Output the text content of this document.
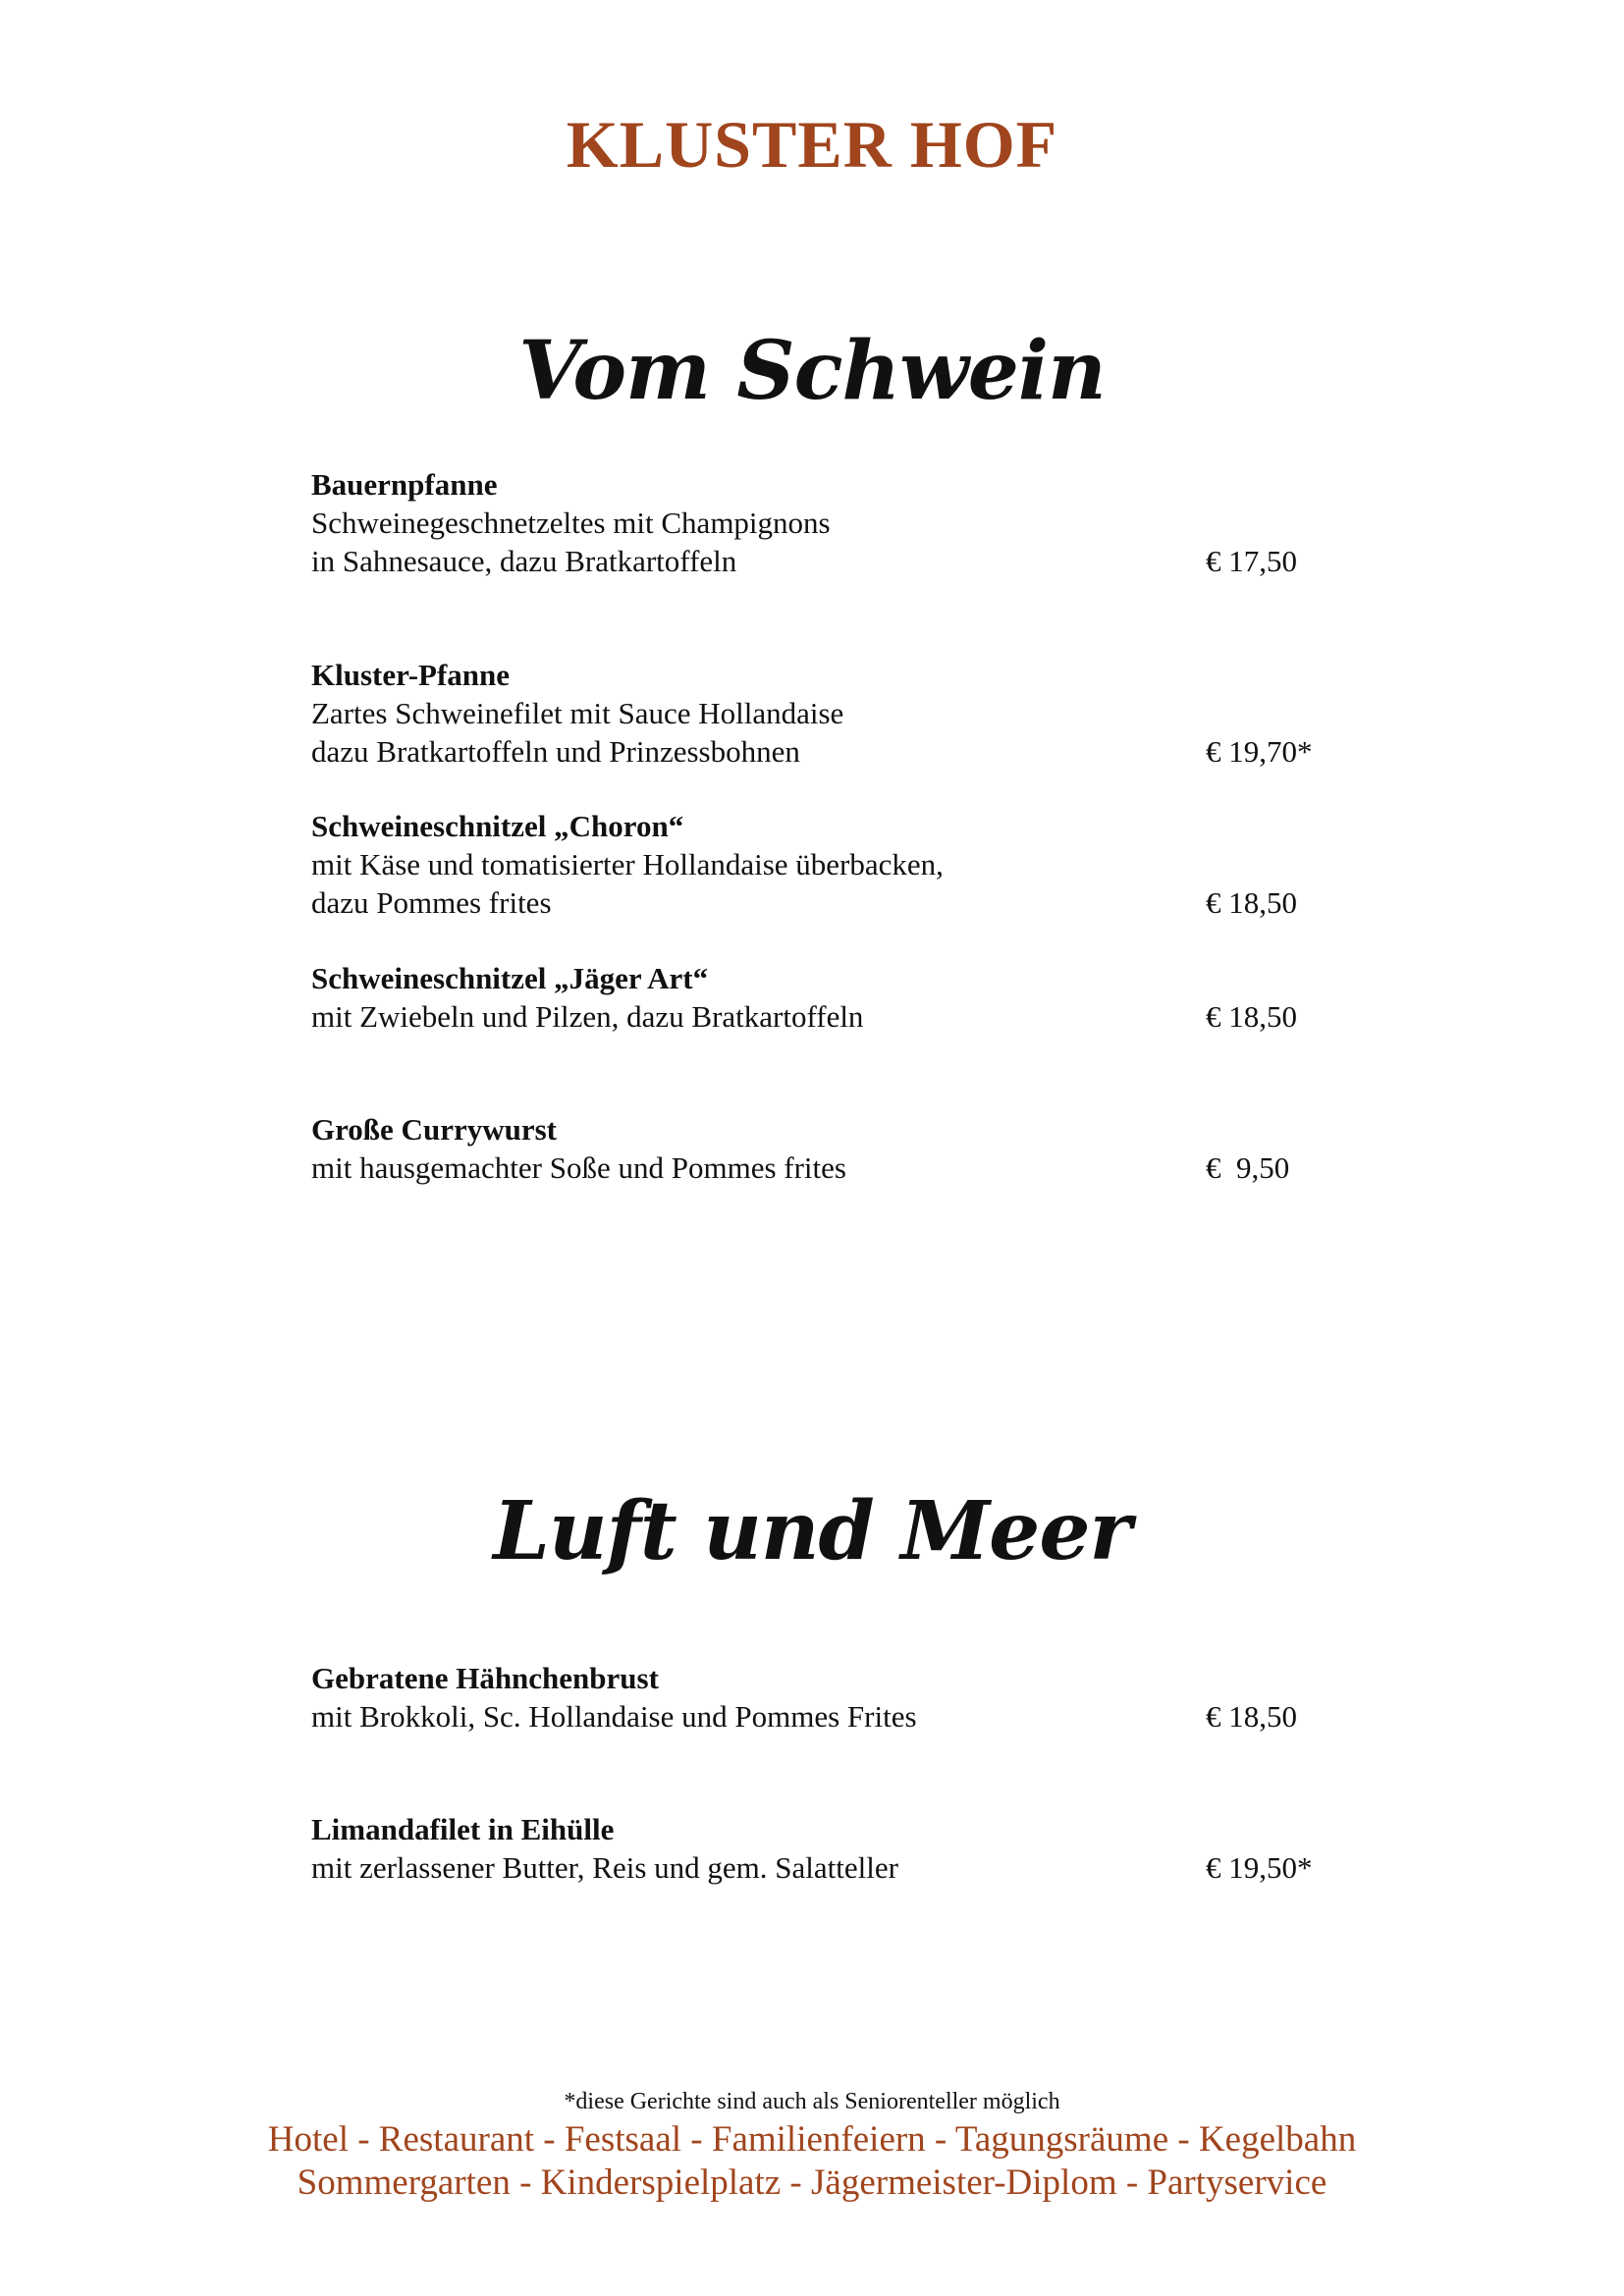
KLUSTER HOF
Vom Schwein
Bauernpfanne
Schweinegeschnetzeltes mit Champignons
in Sahnesauce, dazu Bratkartoffeln	€ 17,50
Kluster-Pfanne
Zartes Schweinefilet mit Sauce Hollandaise
dazu Bratkartoffeln und Prinzessbohnen	€ 19,70*
Schweineschnitzel „Choron“
mit Käse und tomatisierter Hollandaise überbacken,
dazu Pommes frites	€ 18,50
Schweineschnitzel „Jäger Art“
mit Zwiebeln und Pilzen, dazu Bratkartoffeln	€ 18,50
Große Currywurst
mit hausgemachter Soße und Pommes frites	€  9,50
Luft und Meer
Gebratene Hähnchenbrust
mit Brokkoli, Sc. Hollandaise und Pommes Frites	€ 18,50
Limandafilet in Eihülle
mit zerlassener Butter, Reis und gem. Salatteller	€ 19,50*
*diese Gerichte sind auch als Seniorenteller möglich
Hotel - Restaurant - Festsaal - Familienfeiern - Tagungsräume - Kegelbahn
Sommergarten - Kinderspielplatz - Jägermeister-Diplom - Partyservice
